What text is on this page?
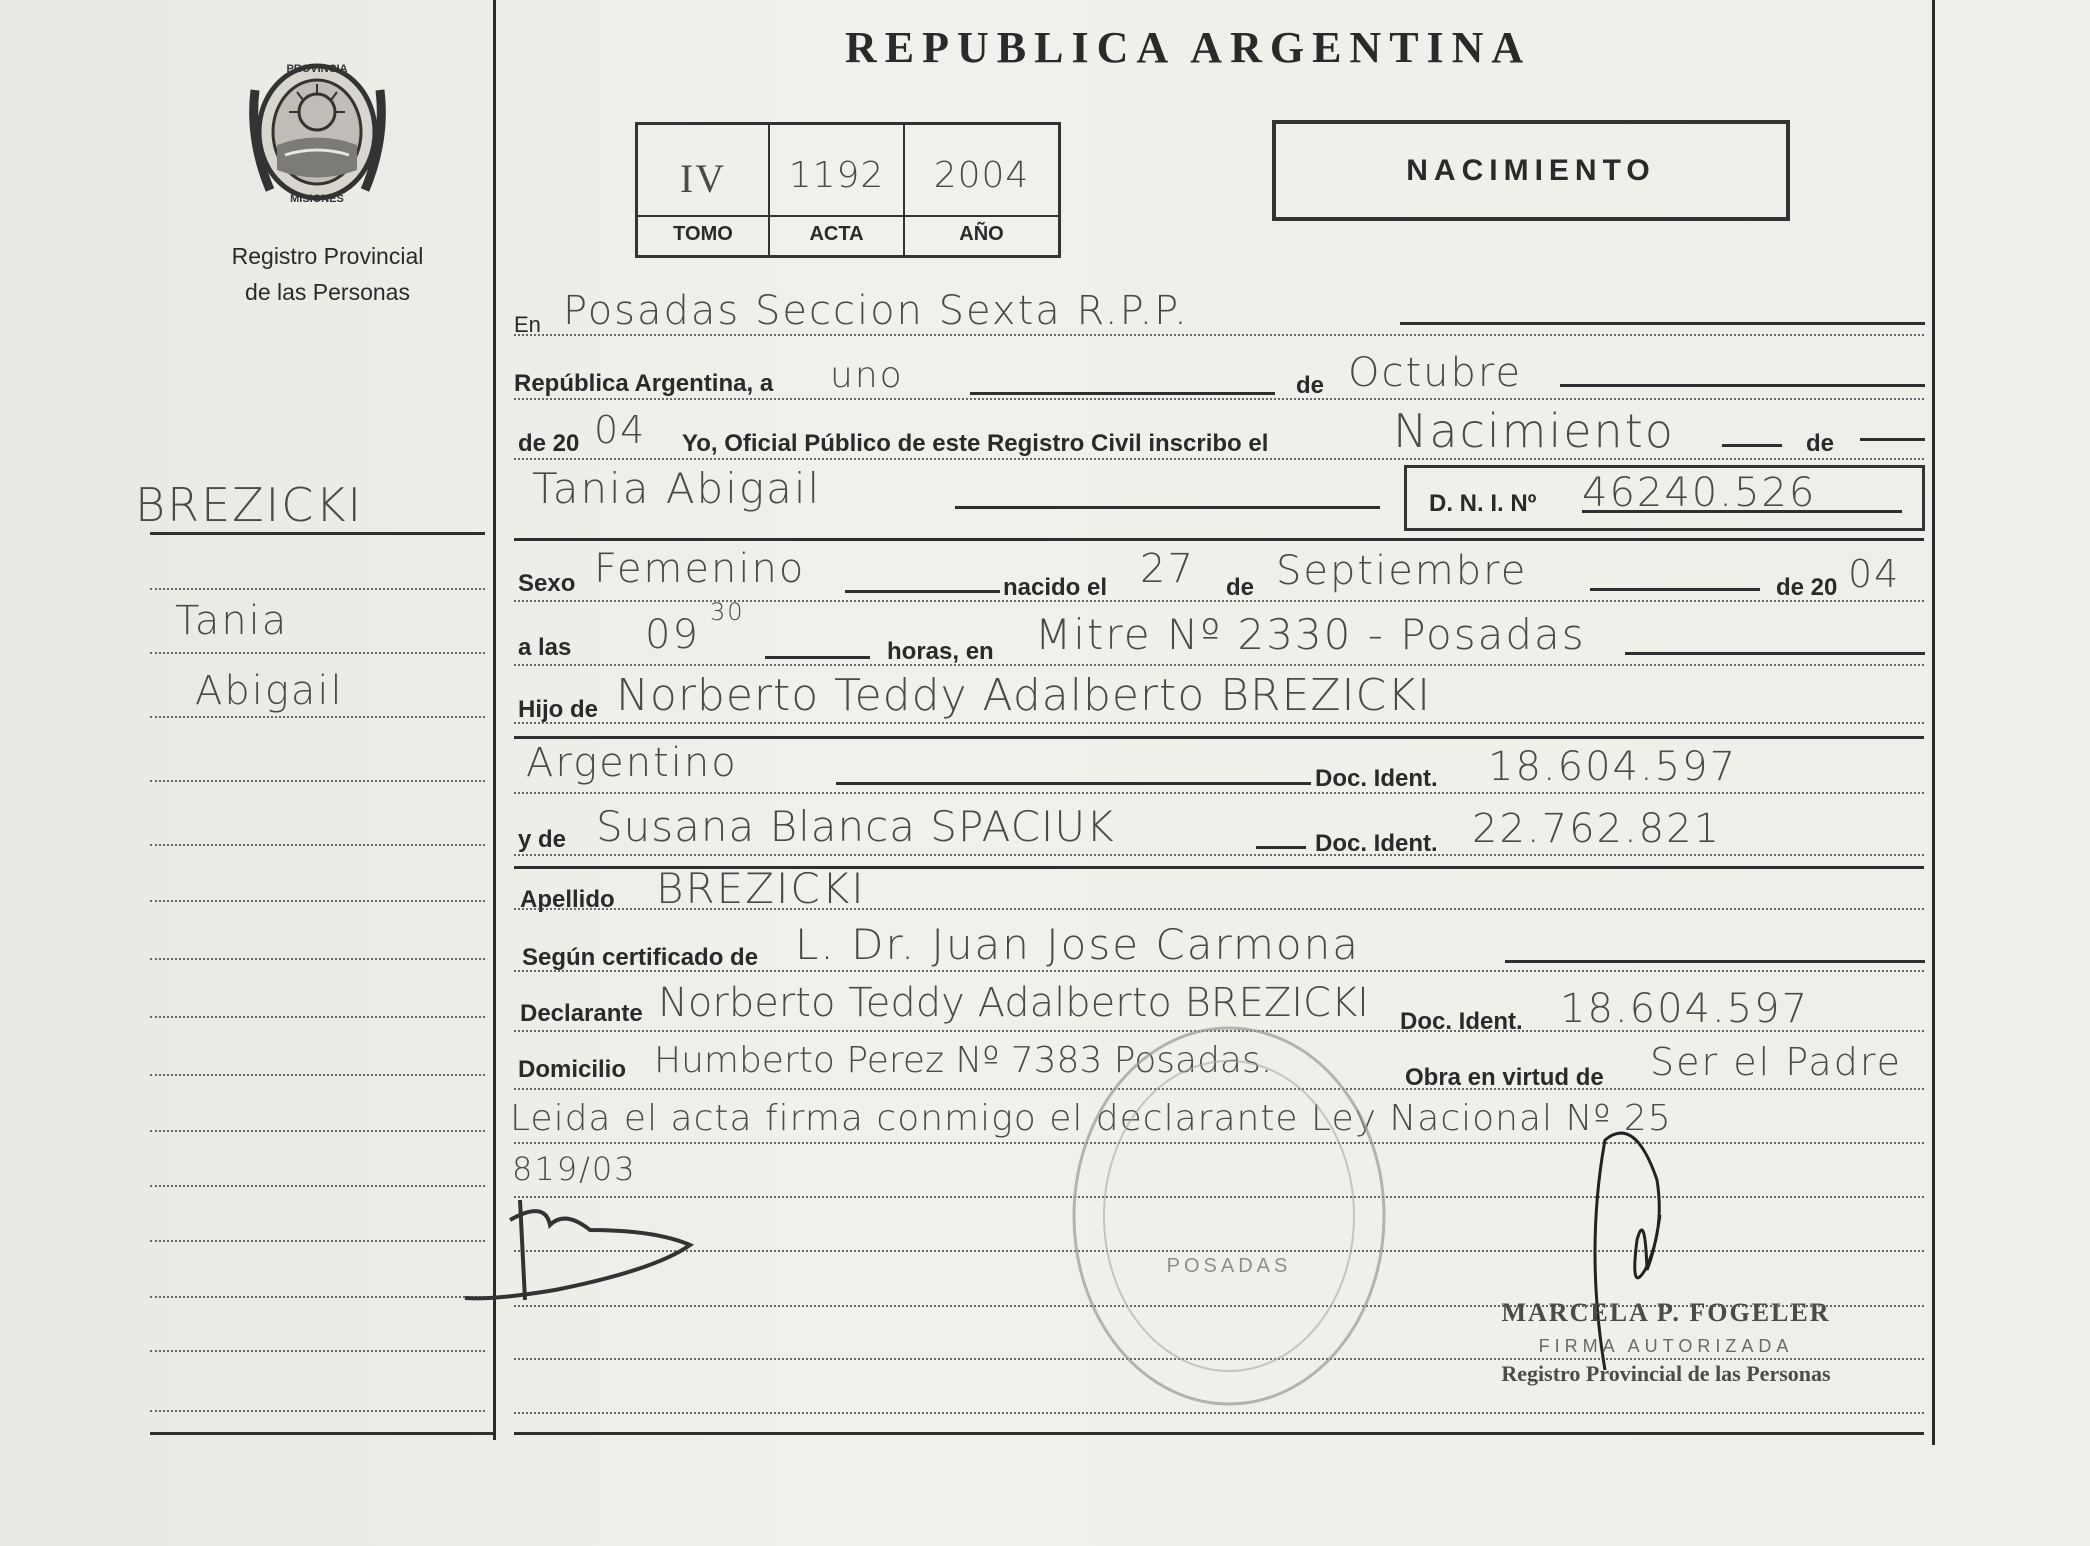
PROVINCIA
MISIONES
Registro Provincial
de las Personas
BREZICKI
Tania
Abigail
REPUBLICA ARGENTINA
IV	1192	2004
TOMO	ACTA	AÑO
NACIMIENTO
En Posadas Seccion Sexta R.P.P.
República Argentina, a uno	de Octubre
de 20 04 Yo, Oficial Público de este Registro Civil inscribo el	Nacimiento	de
Tania Abigail	D. N. I. Nº 46240.526
Sexo Femenino	nacido el 27 de Septiembre	de 20 04
a las 09 30
horas, en Mitre Nº 2330 - Posadas
Hijo de Norberto Teddy Adalberto BREZICKI
Argentino	Doc. Ident. 18.604.597
y de Susana Blanca SPACIUK	Doc. Ident. 22.762.821
Apellido BREZICKI
Según certificado de L. Dr. Juan Jose Carmona
Declarante Norberto Teddy Adalberto BREZICKI Doc. Ident. 18.604.597
Domicilio Humberto Perez Nº 7383 Posadas.	Obra en virtud de Ser el Padre
Leida el acta firma conmigo el declarante Ley Nacional Nº 25
819/03
POSADAS
MARCELA P. FOGELER
FIRMA AUTORIZADA
Registro Provincial de las Personas
